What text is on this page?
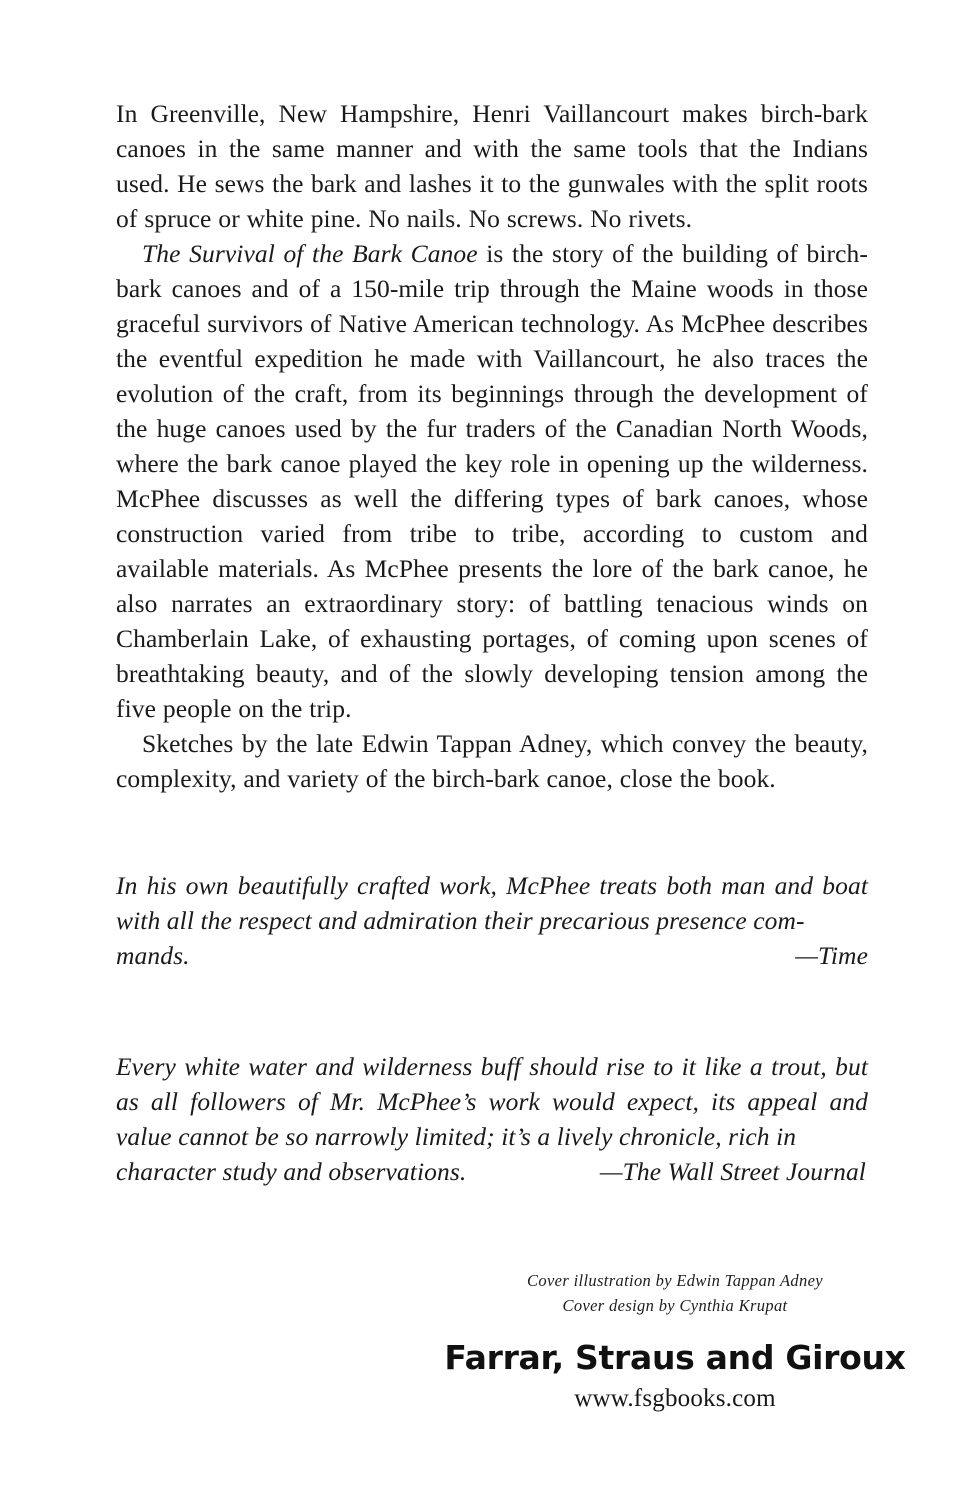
In Greenville, New Hampshire, Henri Vaillancourt makes birch-bark canoes in the same manner and with the same tools that the Indians used. He sews the bark and lashes it to the gunwales with the split roots of spruce or white pine. No nails. No screws. No rivets.

The Survival of the Bark Canoe is the story of the building of birch-bark canoes and of a 150-mile trip through the Maine woods in those graceful survivors of Native American technology. As McPhee describes the eventful expedition he made with Vaillancourt, he also traces the evolution of the craft, from its beginnings through the development of the huge canoes used by the fur traders of the Canadian North Woods, where the bark canoe played the key role in opening up the wilderness. McPhee discusses as well the differing types of bark canoes, whose construction varied from tribe to tribe, according to custom and available materials. As McPhee presents the lore of the bark canoe, he also narrates an extraordinary story: of battling tenacious winds on Chamberlain Lake, of exhausting portages, of coming upon scenes of breathtaking beauty, and of the slowly developing tension among the five people on the trip.

Sketches by the late Edwin Tappan Adney, which convey the beauty, complexity, and variety of the birch-bark canoe, close the book.

In his own beautifully crafted work, McPhee treats both man and boat with all the respect and admiration their precarious presence com-
mands.	—Time
Every white water and wilderness buff should rise to it like a trout, but as all followers of Mr. McPhee’s work would expect, its appeal and value cannot be so narrowly limited; it’s a lively chronicle, rich in
character study and observations.	—The Wall Street Journal
Cover illustration by Edwin Tappan Adney
Cover design by Cynthia Krupat
Farrar, Straus and Giroux
www.fsgbooks.com
